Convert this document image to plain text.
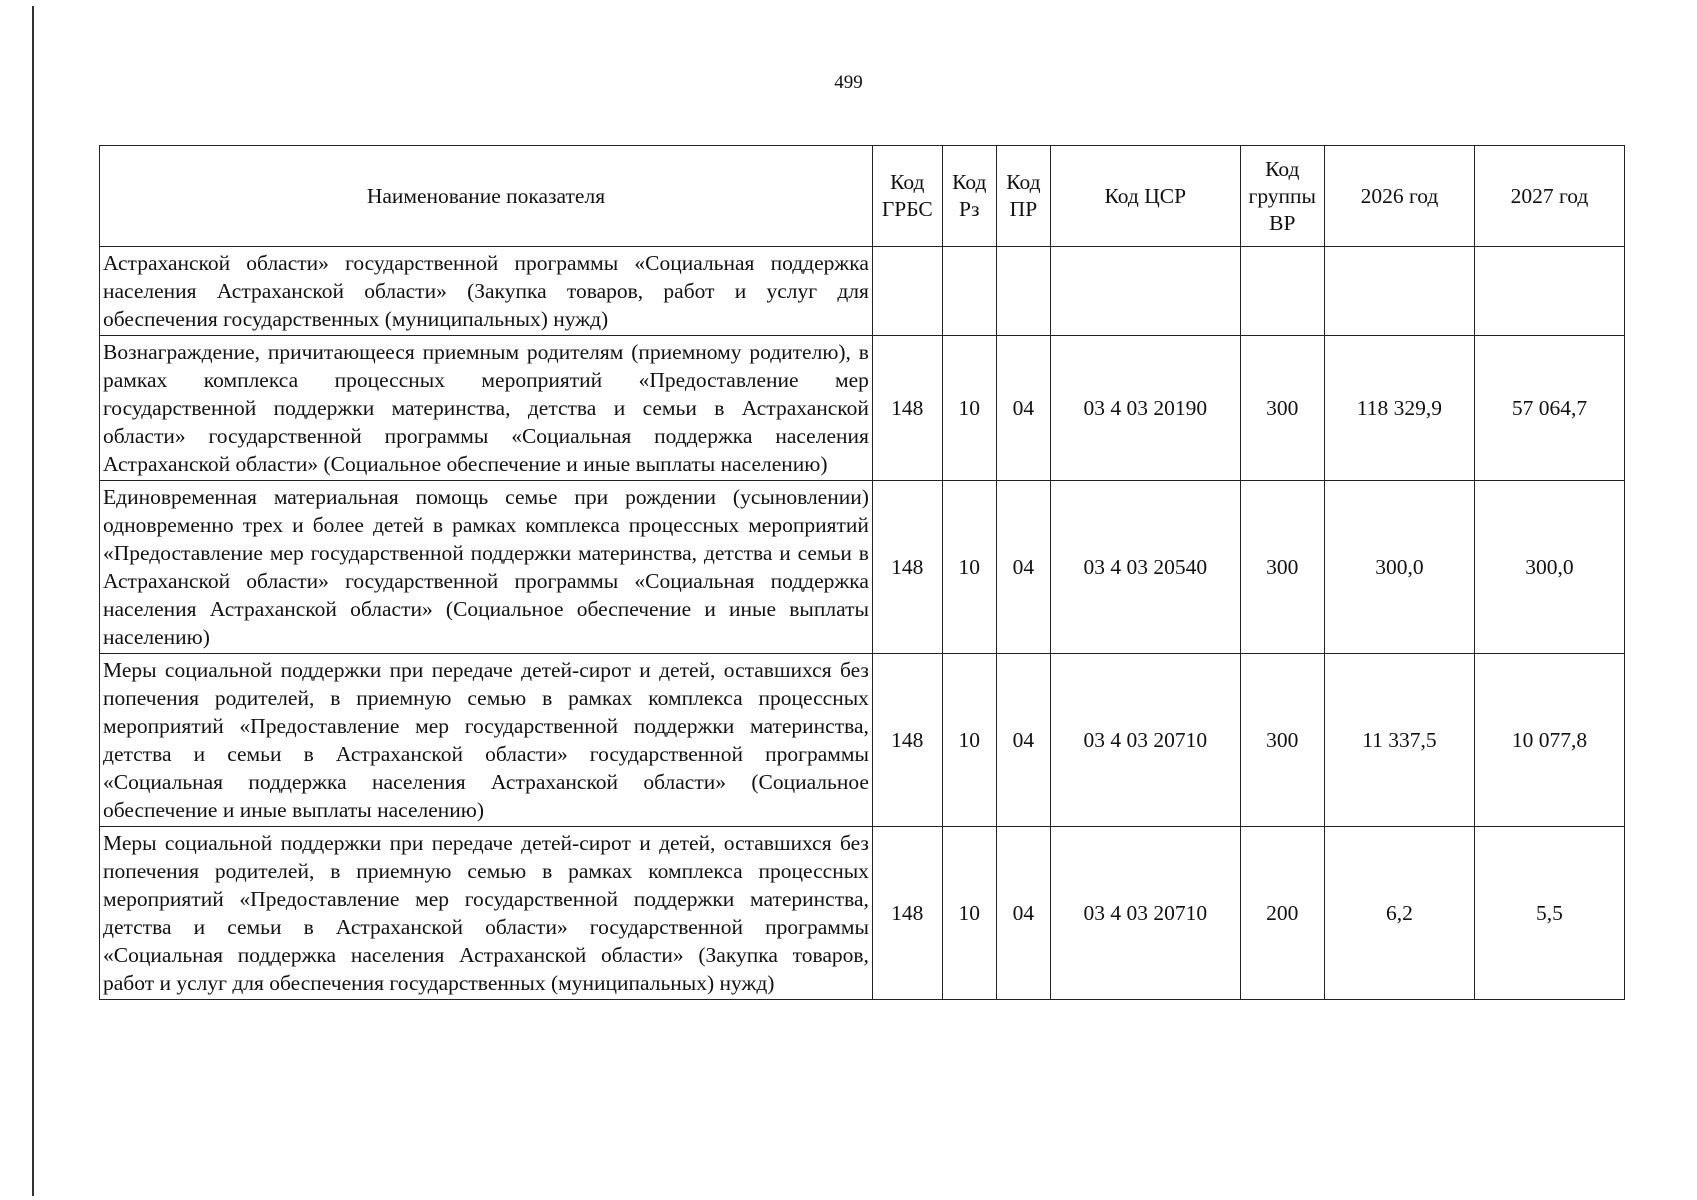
499
Наименование показателя	Код ГРБС	Код Рз	Код ПР	Код ЦСР	Код группы ВР	2026 год	2027 год
Астраханской области» государственной программы «Социальная поддержка населения Астраханской области» (Закупка товаров, работ и услуг для обеспечения государственных (муниципальных) нужд)							
Вознаграждение, причитающееся приемным родителям (приемному родителю), в рамках комплекса процессных мероприятий «Предоставление мер государственной поддержки материнства, детства и семьи в Астраханской области» государственной программы «Социальная поддержка населения Астраханской области» (Социальное обеспечение и иные выплаты населению)	148	10	04	03 4 03 20190	300	118 329,9	57 064,7
Единовременная материальная помощь семье при рождении (усыновлении) одновременно трех и более детей в рамках комплекса процессных мероприятий «Предоставление мер государственной поддержки материнства, детства и семьи в Астраханской области» государственной программы «Социальная поддержка населения Астраханской области» (Социальное обеспечение и иные выплаты населению)	148	10	04	03 4 03 20540	300	300,0	300,0
Меры социальной поддержки при передаче детей-сирот и детей, оставшихся без попечения родителей, в приемную семью в рамках комплекса процессных мероприятий «Предоставление мер государственной поддержки материнства, детства и семьи в Астраханской области» государственной программы «Социальная поддержка населения Астраханской области» (Социальное обеспечение и иные выплаты населению)	148	10	04	03 4 03 20710	300	11 337,5	10 077,8
Меры социальной поддержки при передаче детей-сирот и детей, оставшихся без попечения родителей, в приемную семью в рамках комплекса процессных мероприятий «Предоставление мер государственной поддержки материнства, детства и семьи в Астраханской области» государственной программы «Социальная поддержка населения Астраханской области» (Закупка товаров, работ и услуг для обеспечения государственных (муниципальных) нужд)	148	10	04	03 4 03 20710	200	6,2	5,5
